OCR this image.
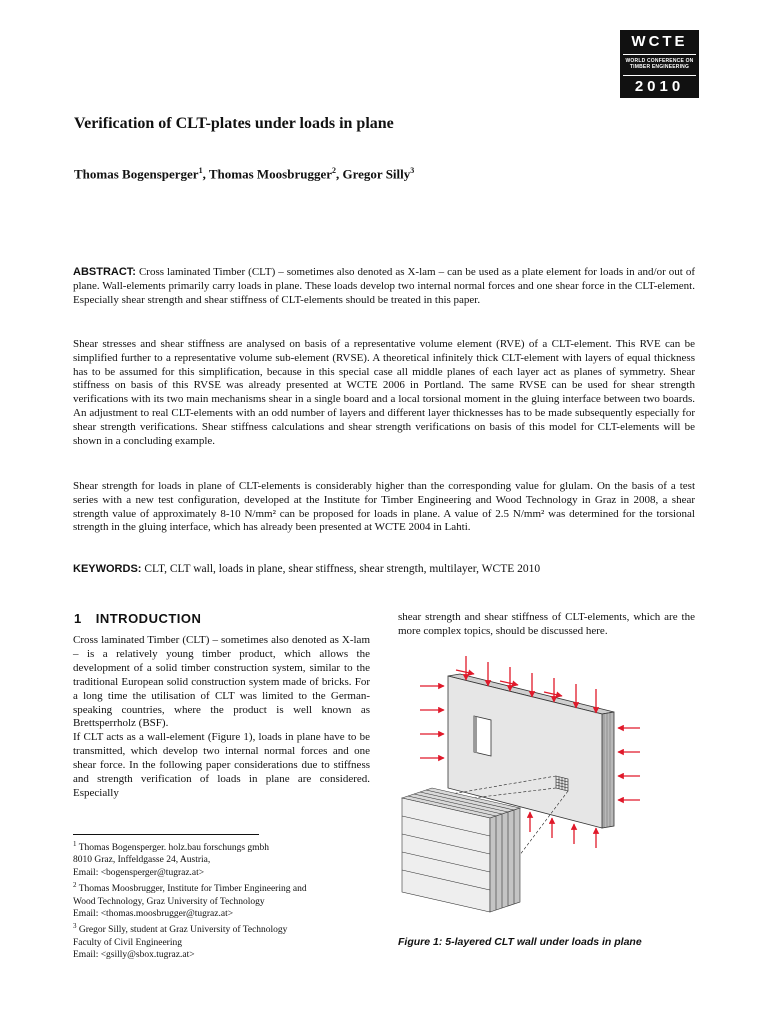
WCTE
WORLD CONFERENCE ON
TIMBER ENGINEERING
2010
Verification of CLT-plates under loads in plane
Thomas Bogensperger$^1$, Thomas Moosbrugger$^2$, Gregor Silly$^3$
ABSTRACT: Cross laminated Timber (CLT) – sometimes also denoted as X-lam – can be used as a plate element for loads in and/or out of plane. Wall-elements primarily carry loads in plane. These loads develop two internal normal forces and one shear force in the CLT-element. Especially shear strength and shear stiffness of CLT-elements should be treated in this paper.
Shear stresses and shear stiffness are analysed on basis of a representative volume element (RVE) of a CLT-element. This RVE can be simplified further to a representative volume sub-element (RVSE). A theoretical infinitely thick CLT-element with layers of equal thickness has to be assumed for this simplification, because in this special case all middle planes of each layer act as planes of symmetry. Shear stiffness on basis of this RVSE was already presented at WCTE 2006 in Portland. The same RVSE can be used for shear strength verifications with its two main mechanisms shear in a single board and a local torsional moment in the gluing interface between two boards. An adjustment to real CLT-elements with an odd number of layers and different layer thicknesses has to be made subsequently especially for shear strength verifications. Shear stiffness calculations and shear strength verifications on basis of this model for CLT-elements will be shown in a concluding example.
Shear strength for loads in plane of CLT-elements is considerably higher than the corresponding value for glulam. On the basis of a test series with a new test configuration, developed at the Institute for Timber Engineering and Wood Technology in Graz in 2008, a shear strength value of approximately 8-10 N/mm² can be proposed for loads in plane. A value of 2.5 N/mm² was determined for the torsional strength in the gluing interface, which has already been presented at WCTE 2004 in Lahti.
KEYWORDS: CLT, CLT wall, loads in plane, shear stiffness, shear strength, multilayer, WCTE 2010
1 INTRODUCTION

Cross laminated Timber (CLT) – sometimes also denoted as X-lam – is a relatively young timber product, which allows the development of a solid timber construction system, similar to the traditional European solid construction system made of bricks. For a long time the utilisation of CLT was limited to the German-speaking countries, where the product is well known as Brettsperrholz (BSF).

If CLT acts as a wall-element (Figure 1), loads in plane have to be transmitted, which develop two internal normal forces and one shear force. In the following paper considerations due to stiffness and strength verification of loads in plane are considered. Especially

shear strength and shear stiffness of CLT-elements, which are the more complex topics, should be discussed here.
$^1$ Thomas Bogensperger. holz.bau forschungs gmbh
8010 Graz, Inffeldgasse 24, Austria,
Email: <bogensperger@tugraz.at>
$^2$ Thomas Moosbrugger, Institute for Timber Engineering and
Wood Technology, Graz University of Technology
Email: <thomas.moosbrugger@tugraz.at>
$^3$ Gregor Silly, student at Graz University of Technology
Faculty of Civil Engineering
Email: <gsilly@sbox.tugraz.at>
Figure 1: 5-layered CLT wall under loads in plane
